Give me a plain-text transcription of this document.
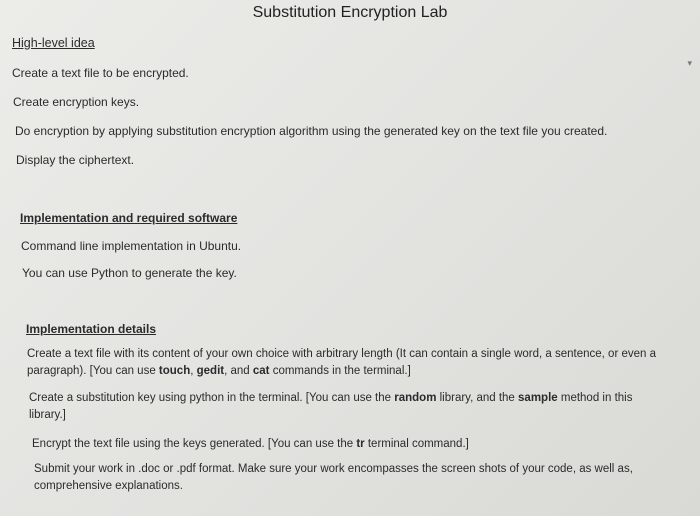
Substitution Encryption Lab
High-level idea
Create a text file to be encrypted.
Create encryption keys.
Do encryption by applying substitution encryption algorithm using the generated key on the text file you created.
Display the ciphertext.
Implementation and required software
Command line implementation in Ubuntu.
You can use Python to generate the key.
Implementation details
Create a text file with its content of your own choice with arbitrary length (It can contain a single word, a sentence, or even a paragraph). [You can use touch, gedit, and cat commands in the terminal.]
Create a substitution key using python in the terminal. [You can use the random library, and the sample method in this library.]
Encrypt the text file using the keys generated. [You can use the tr terminal command.]
Submit your work in .doc or .pdf format. Make sure your work encompasses the screen shots of your code, as well as, comprehensive explanations.
▾
